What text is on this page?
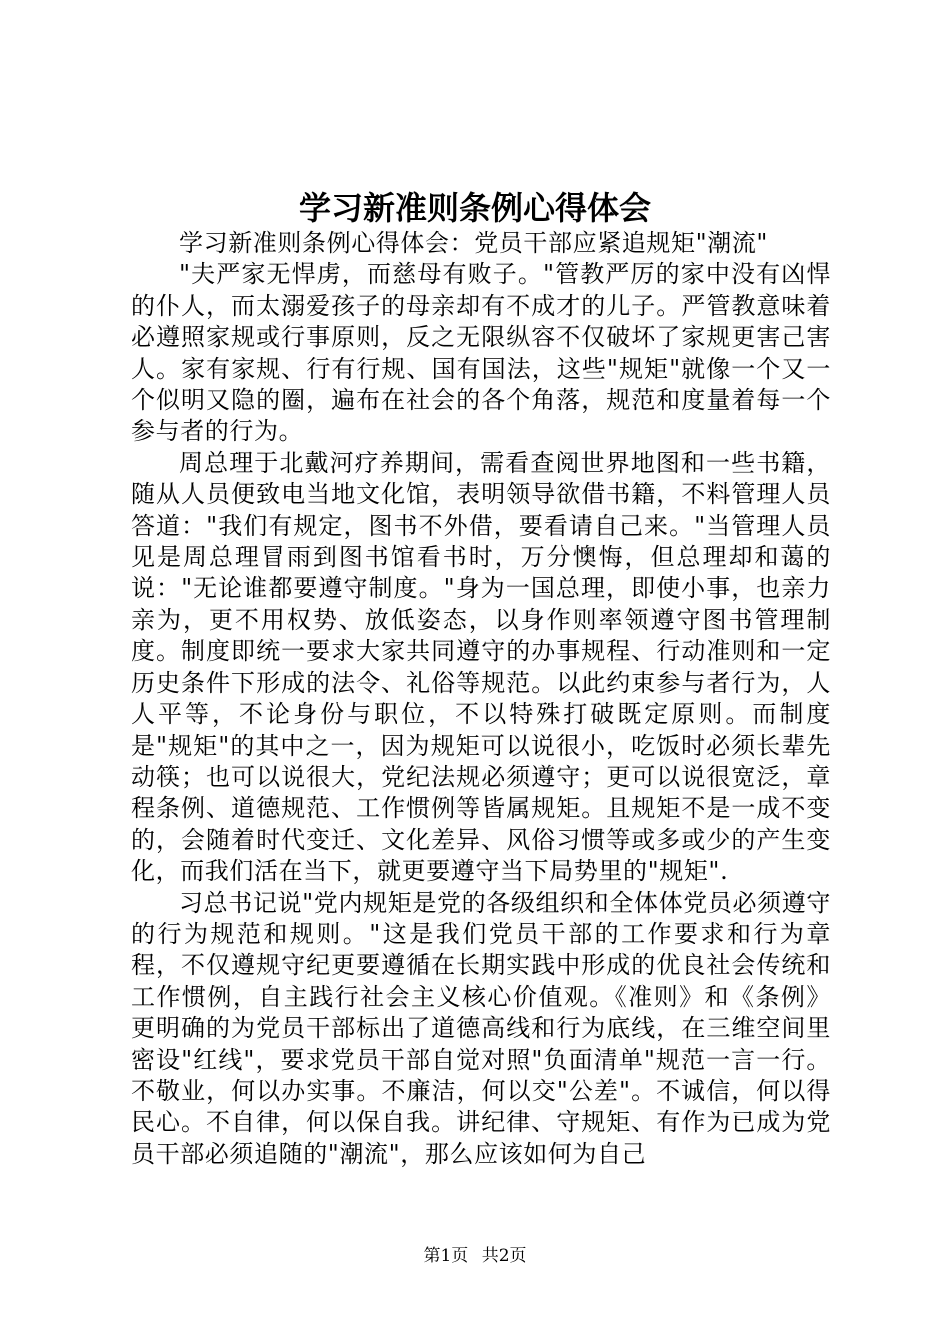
学习新准则条例心得体会

学习新准则条例心得体会：党员干部应紧追规矩"潮流"

"夫严家无悍虏，而慈母有败子。"管教严厉的家中没有凶悍的仆人，而太溺爱孩子的母亲却有不成才的儿子。严管教意味着必遵照家规或行事原则，反之无限纵容不仅破坏了家规更害己害人。家有家规、行有行规、国有国法，这些"规矩"就像一个又一个似明又隐的圈，遍布在社会的各个角落，规范和度量着每一个参与者的行为。

周总理于北戴河疗养期间，需看查阅世界地图和一些书籍，随从人员便致电当地文化馆，表明领导欲借书籍，不料管理人员答道："我们有规定，图书不外借，要看请自己来。"当管理人员见是周总理冒雨到图书馆看书时，万分懊悔，但总理却和蔼的说："无论谁都要遵守制度。"身为一国总理，即使小事，也亲力亲为，更不用权势、放低姿态，以身作则率领遵守图书管理制度。制度即统一要求大家共同遵守的办事规程、行动准则和一定历史条件下形成的法令、礼俗等规范。以此约束参与者行为，人人平等，不论身份与职位，不以特殊打破既定原则。而制度是"规矩"的其中之一，因为规矩可以说很小，吃饭时必须长辈先动筷；也可以说很大，党纪法规必须遵守；更可以说很宽泛，章程条例、道德规范、工作惯例等皆属规矩。且规矩不是一成不变的，会随着时代变迁、文化差异、风俗习惯等或多或少的产生变化，而我们活在当下，就更要遵守当下局势里的"规矩".

习总书记说"党内规矩是党的各级组织和全体体党员必须遵守的行为规范和规则。"这是我们党员干部的工作要求和行为章程，不仅遵规守纪更要遵循在长期实践中形成的优良社会传统和工作惯例，自主践行社会主义核心价值观。《准则》和《条例》更明确的为党员干部标出了道德高线和行为底线，在三维空间里密设"红线"，要求党员干部自觉对照"负面清单"规范一言一行。不敬业，何以办实事。不廉洁，何以交"公差"。不诚信，何以得民心。不自律，何以保自我。讲纪律、守规矩、有作为已成为党员干部必须追随的"潮流"，那么应该如何为自己

第1页 共2页
